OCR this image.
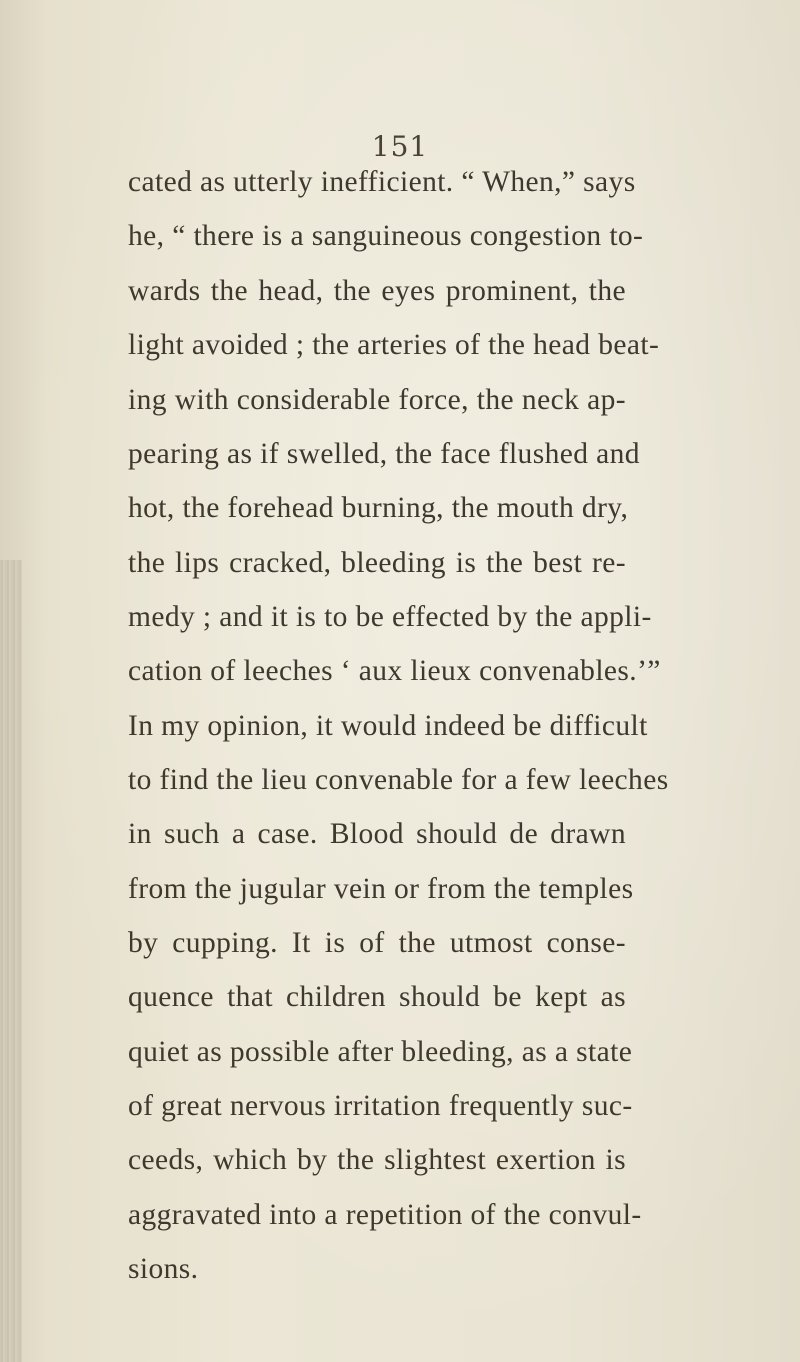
151
cated as utterly inefficient. “ When,” says
he, “ there is a sanguineous congestion to-
wards the head, the eyes prominent, the
light avoided ; the arteries of the head beat-
ing with considerable force, the neck ap-
pearing as if swelled, the face flushed and
hot, the forehead burning, the mouth dry,
the lips cracked, bleeding is the best re-
medy ; and it is to be effected by the appli-
cation of leeches ‘ aux lieux convenables.’”
In my opinion, it would indeed be difficult
to find the lieu convenable for a few leeches
in such a case. Blood should de drawn
from the jugular vein or from the temples
by cupping. It is of the utmost conse-
quence that children should be kept as
quiet as possible after bleeding, as a state
of great nervous irritation frequently suc-
ceeds, which by the slightest exertion is
aggravated into a repetition of the convul-
sions.
